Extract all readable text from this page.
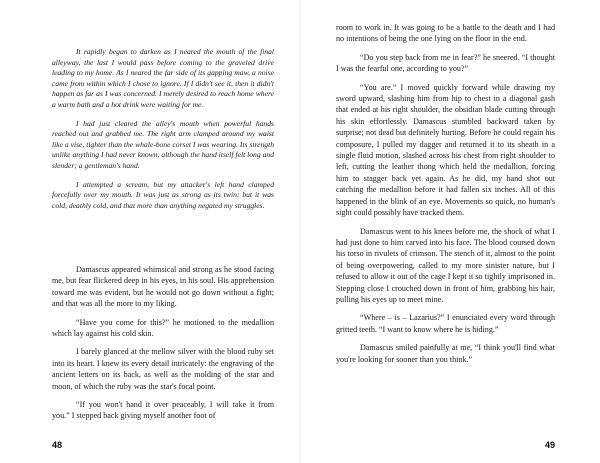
It rapidly began to darken as I neared the mouth of the final alleyway, the last I would pass before coming to the graveled drive leading to my home. As I neared the far side of its gapping maw, a noise came from within which I chose to ignore. If I didn't see it, then it didn't happen as far as I was concerned. I merely desired to reach home where a warm bath and a hot drink were waiting for me.

I had just cleared the alley's mouth when powerful hands reached out and grabbed me. The right arm clamped around my waist like a vise, tighter than the whale-bone corset I was wearing. Its strength unlike anything I had never known, although the hand itself felt long and slender; a gentleman's hand.

I attempted a scream, but my attacker's left hand clamped forcefully over my mouth. It was just as strong as its twin; but it was cold, deathly cold, and that more than anything negated my struggles.

Damascus appeared whimsical and strong as he stood facing me, but fear flickered deep in his eyes, in his soul. His apprehension toward me was evident, but he would not go down without a fight; and that was all the more to my liking.

“Have you come for this?” he motioned to the medallion which lay against his cold skin.

I barely glanced at the mellow silver with the blood ruby set into its heart. I knew its every detail intricately: the engraving of the ancient letters on its back, as well as the molding of the star and moon, of which the ruby was the star's focal point.

“If you won't hand it over peaceably, I will take it from you.” I stepped back giving myself another foot of

48

room to work in. It was going to be a battle to the death and I had no intentions of being the one lying on the floor in the end.

“Do you step back from me in fear?” he sneered. “I thought I was the fearful one, according to you?”

“You are.” I moved quickly forward while drawing my sword upward, slashing him from hip to chest in a diagonal gash that ended at his right shoulder, the obsidian blade cutting through his skin effortlessly. Damascus stumbled backward taken by surprise; not dead but definitely hurting. Before he could regain his composure, I pulled my dagger and returned it to its sheath in a single fluid motion, slashed across his chest from right shoulder to left, cutting the leather thong which held the medallion, forcing him to stagger back yet again. As he did, my hand shot out catching the medallion before it had fallen six inches. All of this happened in the blink of an eye. Movements so quick, no human's sight could possibly have tracked them.

Damascus went to his knees before me, the shock of what I had just done to him carved into his face. The blood coursed down his torso in rivulets of crimson. The stench of it, almost to the point of being overpowering, called to my more sinister nature, but I refused to allow it out of the cage I kept it so tightly imprisoned in. Stepping close I crouched down in front of him, grabbing his hair, pulling his eyes up to meet mine.

“Where – is – Lazarius?” I enunciated every word through gritted teeth. “I want to know where he is hiding.”

Damascus smiled painfully at me, “I think you'll find what you're looking for sooner than you think.”

49
